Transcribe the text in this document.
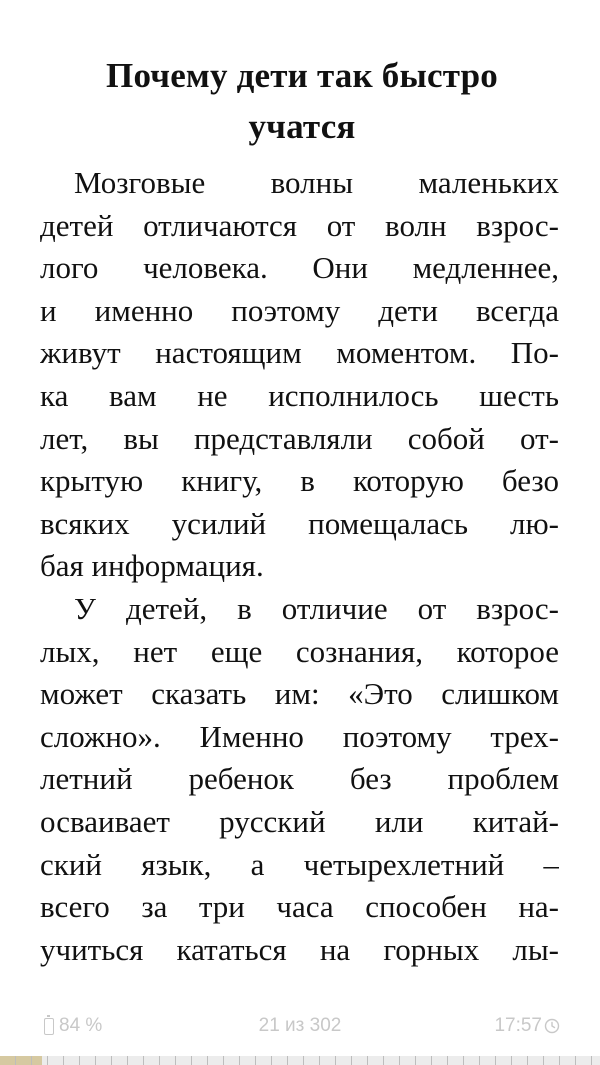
Почему дети так быстро
учатся
Мозговые волны маленьких
детей отличаются от волн взрос-
лого человека. Они медленнее,
и именно поэтому дети всегда
живут настоящим моментом. По-
ка вам не исполнилось шесть
лет, вы представляли собой от-
крытую книгу, в которую безо
всяких усилий помещалась лю-
бая информация.
У детей, в отличие от взрос-
лых, нет еще сознания, которое
может сказать им: «Это слишком
сложно». Именно поэтому трех-
летний ребенок без проблем
осваивает русский или китай-
ский язык, а четырехлетний –
всего за три часа способен на-
учиться кататься на горных лы-
84 %	21 из 302	17:57
